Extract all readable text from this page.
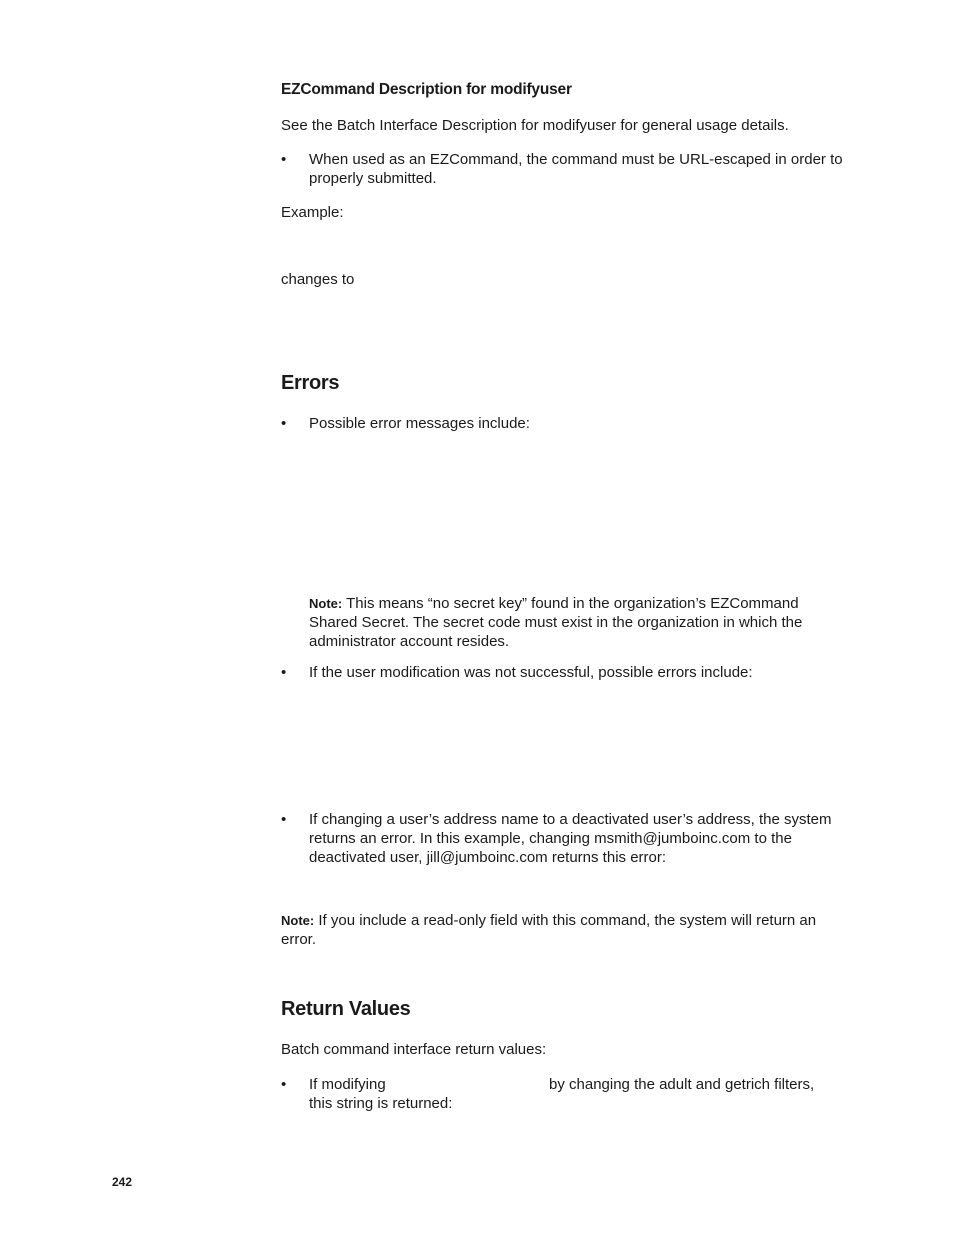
EZCommand Description for modifyuser
See the Batch Interface Description for modifyuser for general usage details.
• When used as an EZCommand, the command must be URL-escaped in order to properly submitted.
Example:
changes to
Errors
• Possible error messages include:
Note: This means “no secret key” found in the organization’s EZCommand Shared Secret. The secret code must exist in the organization in which the administrator account resides.
• If the user modification was not successful, possible errors include:
• If changing a user’s address name to a deactivated user’s address, the system returns an error. In this example, changing msmith@jumboinc.com to the deactivated user, jill@jumboinc.com returns this error:
Note: If you include a read-only field with this command, the system will return an error.
Return Values
Batch command interface return values:
• If modifying	by changing the adult and getrich filters,
this string is returned:
242
